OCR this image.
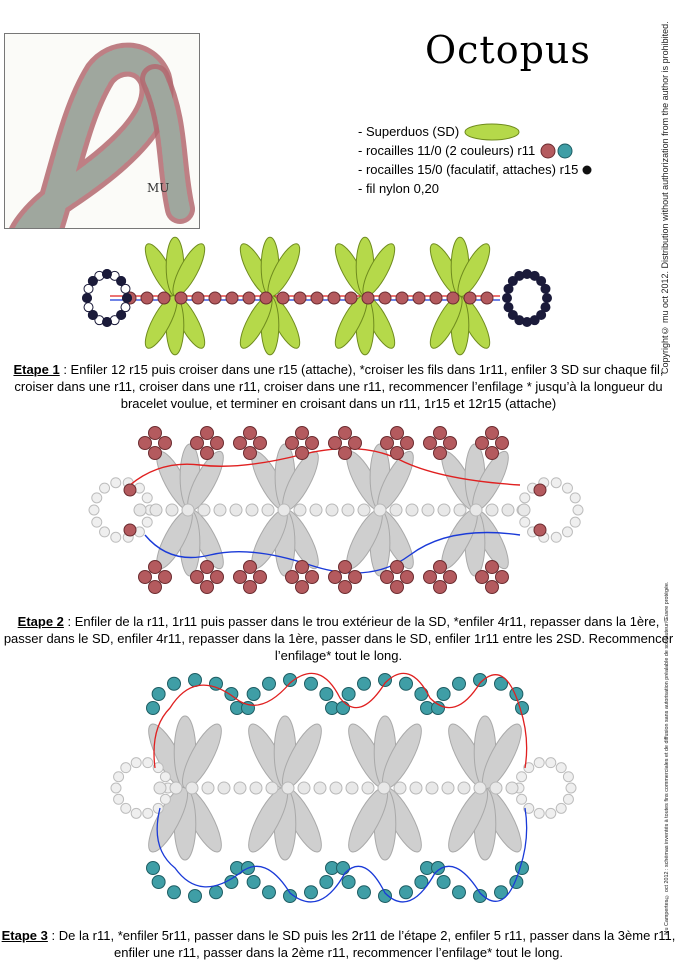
MU
Octopus
- Superduos (SD)
- rocailles 11/0 (2 couleurs) r11
- rocailles 15/0 (faculatif, attaches) r15
- fil nylon 0,20
Etape 1 : Enfiler 12 r15 puis croiser dans une r15 (attache), *croiser les fils dans 1r11, enfiler 3 SD sur chaque fil, croiser dans une r11, croiser dans une r11, croiser dans une r11, recommencer l’enfilage * jusqu’à la longueur du bracelet voulue, et terminer en croisant dans un r11, 1r15 et 12r15 (attache)
Etape 2 : Enfiler de la r11, 1r11 puis passer dans le trou extérieur de la SD, *enfiler 4r11, repasser dans la 1ère, passer dans le SD, enfiler 4r11, repasser dans la 1ère, passer dans le SD, enfiler 1r11 entre les 2SD. Recommencer l’enfilage* tout le long.
Etape 3 : De la r11, *enfiler 5r11, passer dans le SD puis les 2r11 de l’étape 2, enfiler 5 r11, passer dans la 3ème r11, enfiler une r11, passer dans la 2ème r11, recommencer l’enfilage* tout le long.
Copyright© mu oct 2012. Distribution without authorization from the author is prohibited.
Mu Campertes© oct 2012 : schémas inventés à toutes fins commerciales et de diffusion sans autorisation préalable de son auteur/Œuvre protégée.
